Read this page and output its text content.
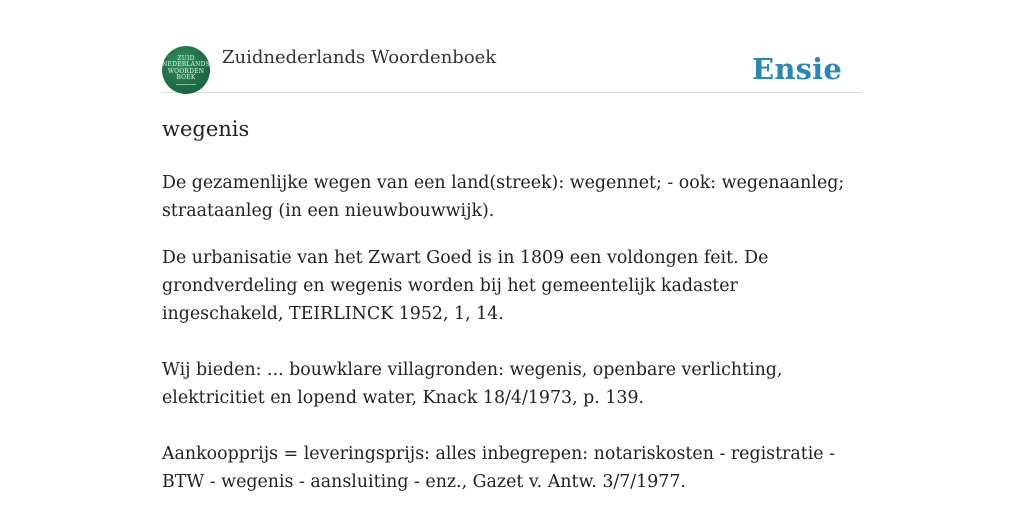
ZUID
NEDERLANDS
WOORDEN
BOEK
Zuidnederlands Woordenboek	Ensie
wegenis

De gezamenlijke wegen van een land(streek): wegennet; - ook: wegenaanleg; straataanleg (in een nieuwbouwwijk).

De urbanisatie van het Zwart Goed is in 1809 een voldongen feit. De grondverdeling en wegenis worden bij het gemeentelijk kadaster ingeschakeld, TEIRLINCK 1952, 1, 14.

Wij bieden: ... bouwklare villagronden: wegenis, openbare verlichting, elektricitiet en lopend water, Knack 18/4/1973, p. 139.

Aankoopprijs = leveringsprijs: alles inbegrepen: notariskosten - registratie - BTW - wegenis - aansluiting - enz., Gazet v. Antw. 3/7/1977.
